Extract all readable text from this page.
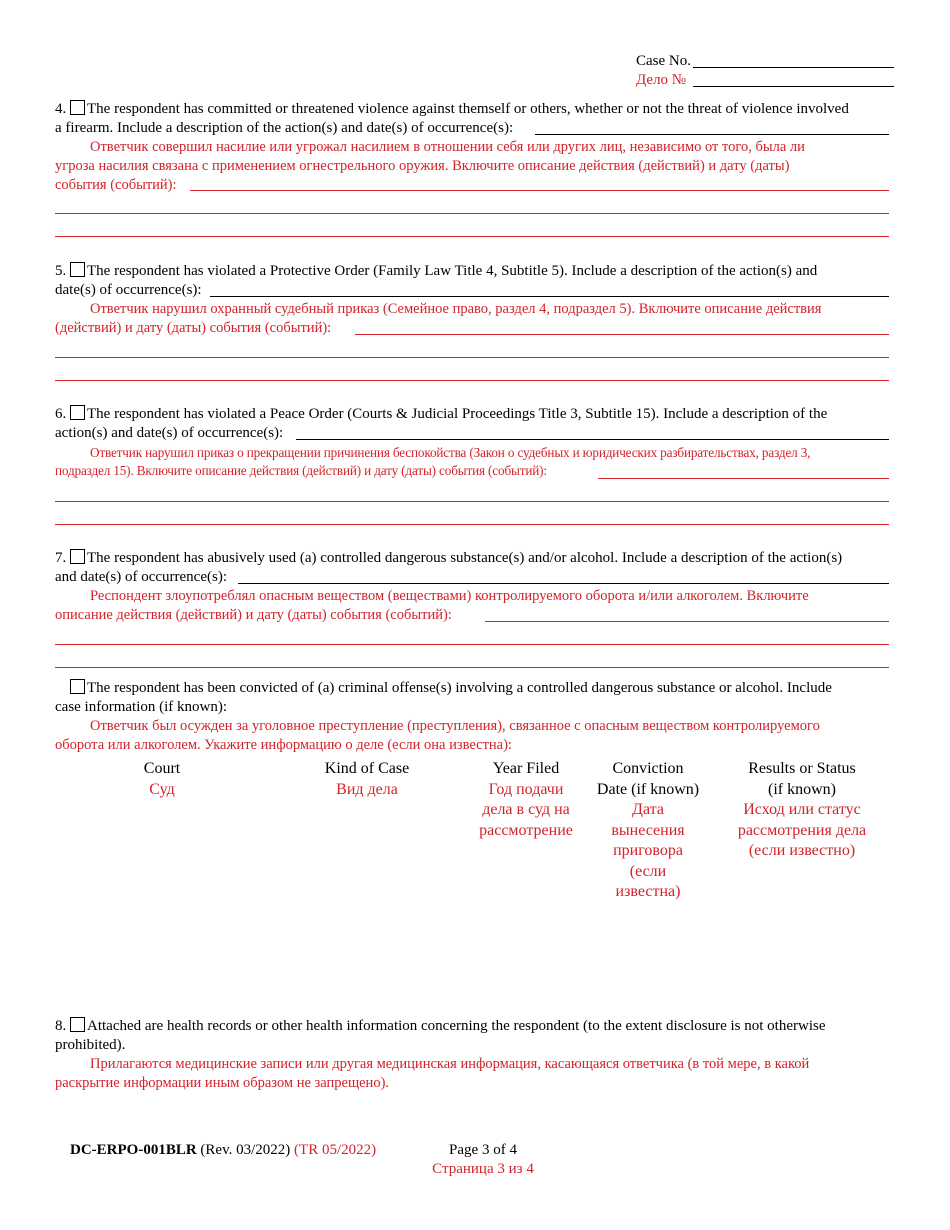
Case No.
Дело №
4. The respondent has committed or threatened violence against themself or others, whether or not the threat of violence involved
a firearm. Include a description of the action(s) and date(s) of occurrence(s):
Ответчик совершил насилие или угрожал насилием в отношении себя или других лиц, независимо от того, была ли
угроза насилия связана с применением огнестрельного оружия. Включите описание действия (действий) и дату (даты)
события (событий):
5. The respondent has violated a Protective Order (Family Law Title 4, Subtitle 5). Include a description of the action(s) and
date(s) of occurrence(s):
Ответчик нарушил охранный судебный приказ (Семейное право, раздел 4, подраздел 5). Включите описание действия
(действий) и дату (даты) события (событий):
6. The respondent has violated a Peace Order (Courts & Judicial Proceedings Title 3, Subtitle 15). Include a description of the
action(s) and date(s) of occurrence(s):
Ответчик нарушил приказ о прекращении причинения беспокойства (Закон о судебных и юридических разбирательствах, раздел 3,
подраздел 15). Включите описание действия (действий) и дату (даты) события (событий):
7. The respondent has abusively used (a) controlled dangerous substance(s) and/or alcohol. Include a description of the action(s)
and date(s) of occurrence(s):
Респондент злоупотреблял опасным веществом (веществами) контролируемого оборота и/или алкоголем. Включите
описание действия (действий) и дату (даты) события (событий):
The respondent has been convicted of (a) criminal offense(s) involving a controlled dangerous substance or alcohol. Include
case information (if known):
Ответчик был осужден за уголовное преступление (преступления), связанное с опасным веществом контролируемого
оборота или алкоголем. Укажите информацию о деле (если она известна):
Court
Суд
Kind of Case
Вид дела
Year Filed
Год подачи
дела в суд на
рассмотрение
Conviction
Date (if known)
Дата
вынесения
приговора
(если
известна)
Results or Status
(if known)
Исход или статус
рассмотрения дела
(если известно)
8. Attached are health records or other health information concerning the respondent (to the extent disclosure is not otherwise
prohibited).
Прилагаются медицинские записи или другая медицинская информация, касающаяся ответчика (в той мере, в какой
раскрытие информации иным образом не запрещено).
DC-ERPO-001BLR (Rev. 03/2022) (TR 05/2022)	Page 3 of 4
Страница 3 из 4
